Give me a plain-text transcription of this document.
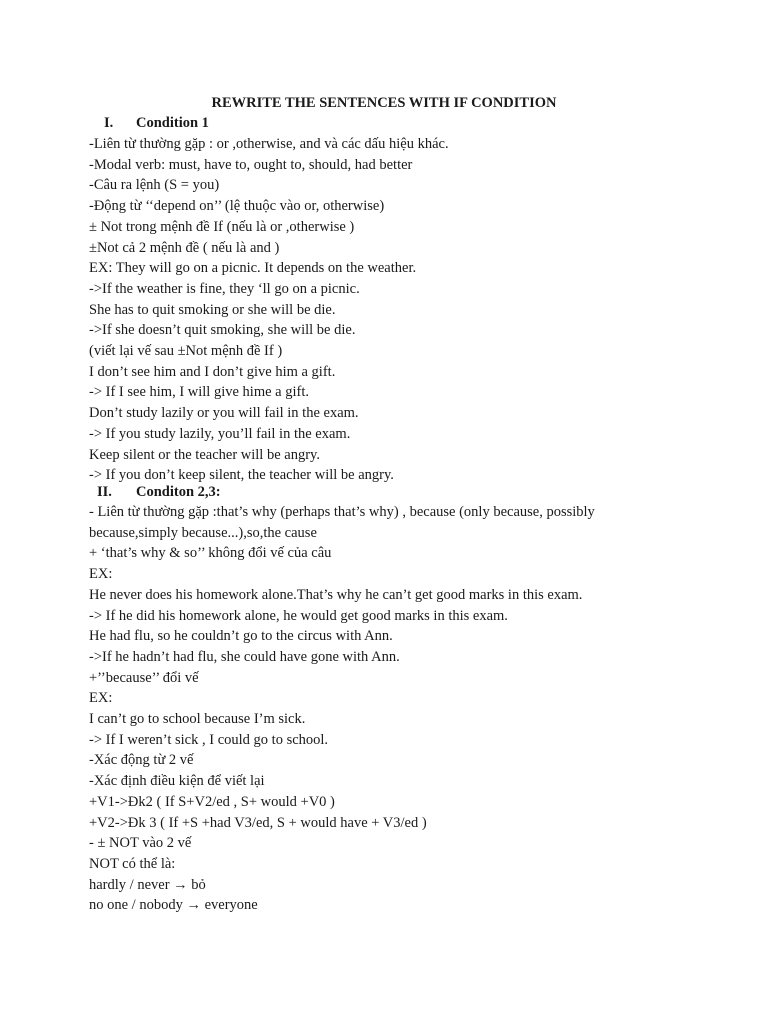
REWRITE THE SENTENCES WITH IF CONDITION
I. Condition 1
-Liên từ thường gặp : or ,otherwise, and và các dấu hiệu khác.
-Modal verb: must, have to, ought to, should, had better
-Câu ra lệnh (S = you)
-Động từ ‘‘depend on’’ (lệ thuộc vào or, otherwise)
± Not trong mệnh đề If (nếu là or ,otherwise )
±Not cả 2 mệnh đề ( nếu là and )
EX: They will go on a picnic. It depends on the weather.
->If the weather is fine, they ‘ll go on a picnic.
She has to quit smoking or she will be die.
->If she doesn’t quit smoking, she will be die.
(viết lại vế sau ±Not mệnh đề If )
I don’t see him and I don’t give him a gift.
-> If I see him, I will give hime a gift.
Don’t study lazily or you will fail in the exam.
-> If you study lazily, you’ll fail in the exam.
Keep silent or the teacher will be angry.
-> If you don’t keep silent, the teacher will be angry.
II.	Conditon 2,3:
- Liên từ thường gặp :that’s why (perhaps that’s why) , because (only because, possibly because,simply because...),so,the cause
+ ‘that’s why & so’’ không đổi vế của câu
EX:
He never does his homework alone.That’s why he can’t get good marks in this exam.
-> If he did his homework alone, he would get good marks in this exam.
He had flu, so he couldn’t go to the circus with Ann.
->If he hadn’t had flu, she could have gone with Ann.
+’’because’’ đổi vế
EX:
I can’t go to school because I’m sick.
-> If I weren’t sick , I could go to school.
-Xác động từ 2 vế
-Xác định điều kiện để viết lại
+V1->Đk2 ( If S+V2/ed , S+ would +V0 )
+V2->Đk 3 ( If +S +had V3/ed, S + would have + V3/ed )
- ± NOT vào 2 vế
NOT có thể là:
hardly / never → bỏ
no one / nobody → everyone
